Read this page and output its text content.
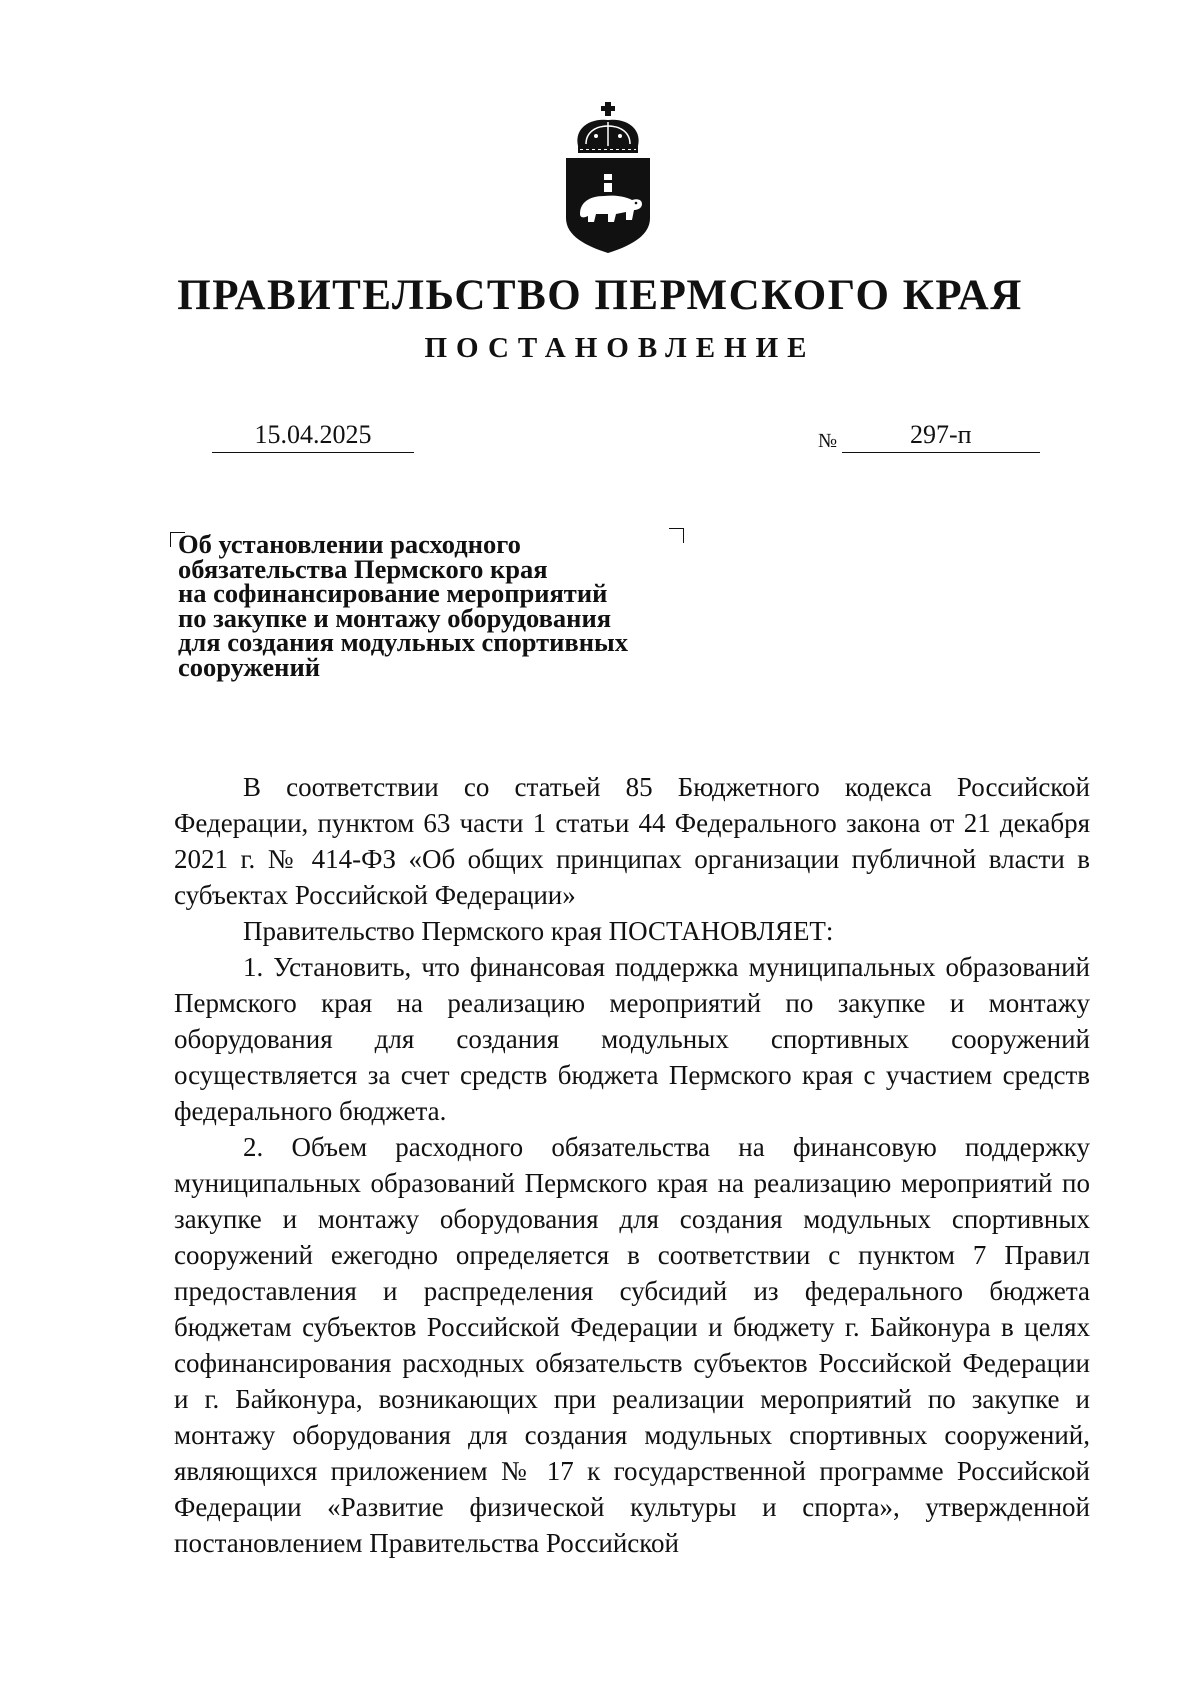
ПРАВИТЕЛЬСТВО ПЕРМСКОГО КРАЯ
ПОСТАНОВЛЕНИЕ
15.04.2025	№	297-п
Об установлении расходного
обязательства Пермского края
на софинансирование мероприятий
по закупке и монтажу оборудования
для создания модульных спортивных
сооружений

В соответствии со статьей 85 Бюджетного кодекса Российской Федерации, пунктом 63 части 1 статьи 44 Федерального закона от 21 декабря 2021 г. № 414-ФЗ «Об общих принципах организации публичной власти в субъектах Российской Федерации»

Правительство Пермского края ПОСТАНОВЛЯЕТ:

1. Установить, что финансовая поддержка муниципальных образований Пермского края на реализацию мероприятий по закупке и монтажу оборудования для создания модульных спортивных сооружений осуществляется за счет средств бюджета Пермского края с участием средств федерального бюджета.

2. Объем расходного обязательства на финансовую поддержку муниципальных образований Пермского края на реализацию мероприятий по закупке и монтажу оборудования для создания модульных спортивных сооружений ежегодно определяется в соответствии с пунктом 7 Правил предоставления и распределения субсидий из федерального бюджета бюджетам субъектов Российской Федерации и бюджету г. Байконура в целях софинансирования расходных обязательств субъектов Российской Федерации и г. Байконура, возникающих при реализации мероприятий по закупке и монтажу оборудования для создания модульных спортивных сооружений, являющихся приложением № 17 к государственной программе Российской Федерации «Развитие физической культуры и спорта», утвержденной постановлением Правительства Российской
